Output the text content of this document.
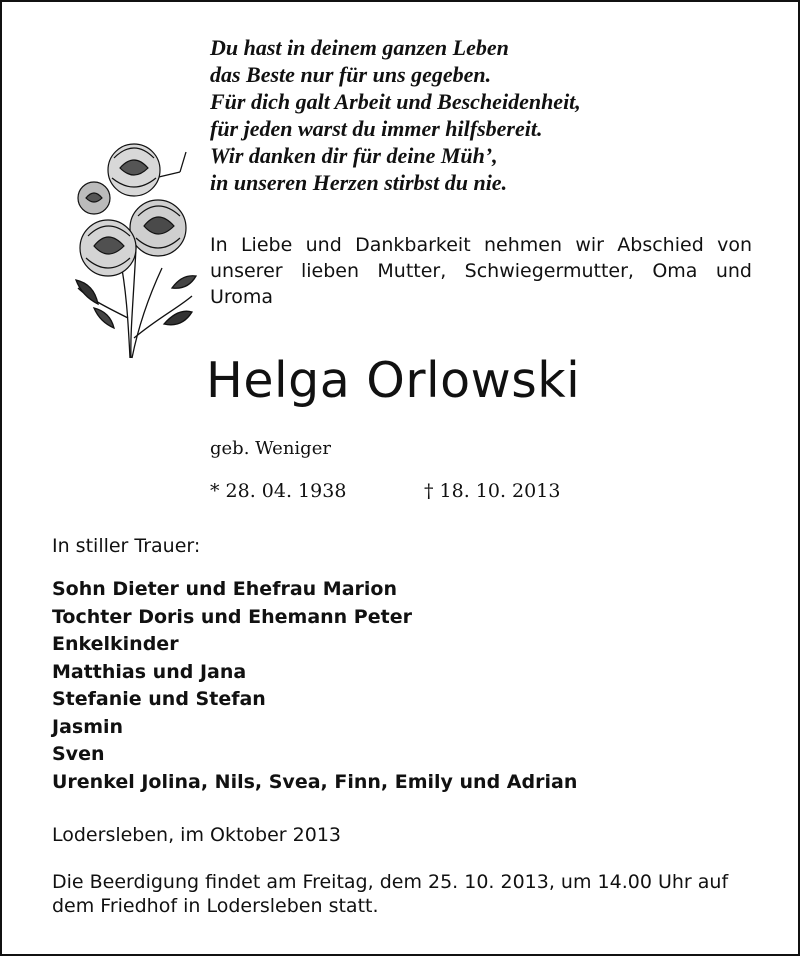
Du hast in deinem ganzen Leben
das Beste nur für uns gegeben.
Für dich galt Arbeit und Bescheidenheit,
für jeden warst du immer hilfsbereit.
Wir danken dir für deine Müh’,
in unseren Herzen stirbst du nie.
In Liebe und Dankbarkeit nehmen wir Abschied von unserer lieben Mutter, Schwiegermutter, Oma und Uroma
Helga Orlowski
geb. Weniger
* 28. 04. 1938	† 18. 10. 2013
In stiller Trauer:
Sohn Dieter und Ehefrau Marion
Tochter Doris und Ehemann Peter
Enkelkinder
Matthias und Jana
Stefanie und Stefan
Jasmin
Sven
Urenkel Jolina, Nils, Svea, Finn, Emily und Adrian
Lodersleben, im Oktober 2013
Die Beerdigung findet am Freitag, dem 25. 10. 2013, um 14.00 Uhr auf dem Friedhof in Lodersleben statt.
